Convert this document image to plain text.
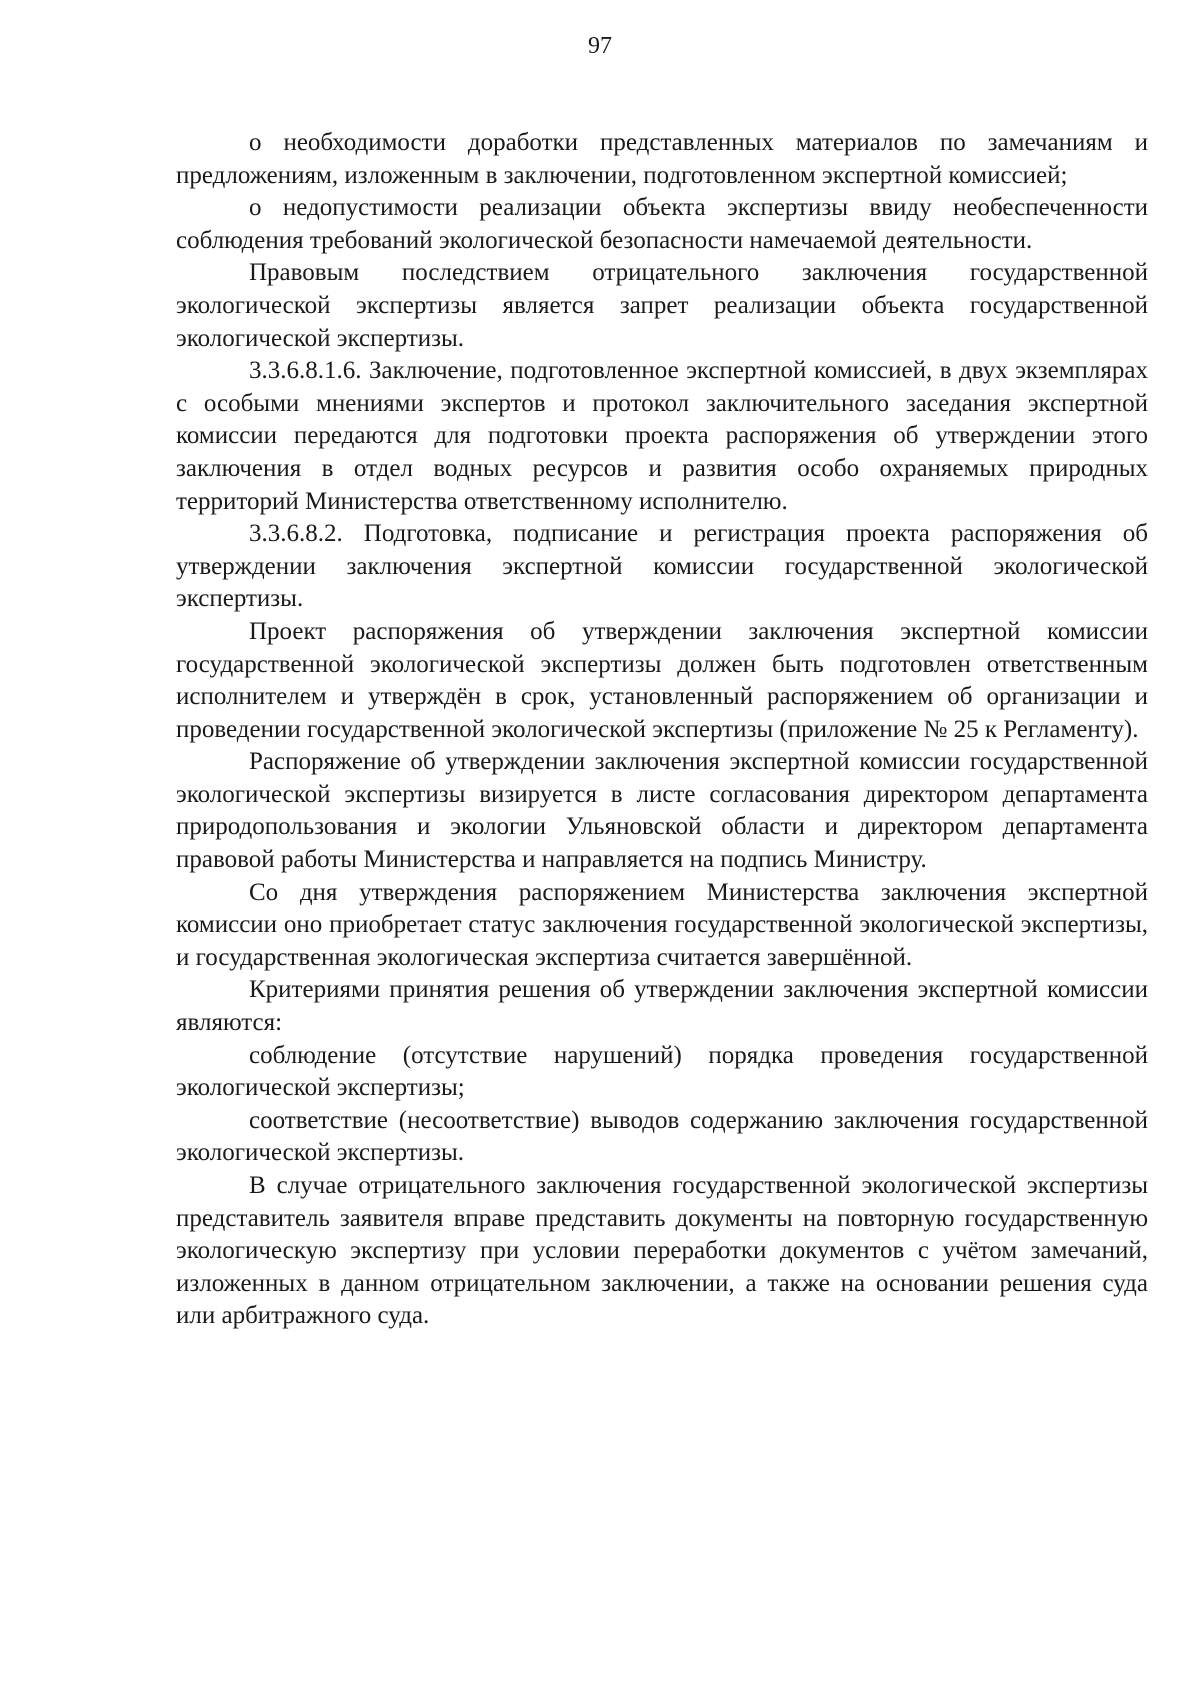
97

о необходимости доработки представленных материалов по замечаниям и предложениям, изложенным в заключении, подготовленном экспертной комиссией;

о недопустимости реализации объекта экспертизы ввиду необеспеченности соблюдения требований экологической безопасности намечаемой деятельности.

Правовым последствием отрицательного заключения государственной экологической экспертизы является запрет реализации объекта государственной экологической экспертизы.

3.3.6.8.1.6. Заключение, подготовленное экспертной комиссией, в двух экземплярах с особыми мнениями экспертов и протокол заключительного заседания экспертной комиссии передаются для подготовки проекта распоряжения об утверждении этого заключения в отдел водных ресурсов и развития особо охраняемых природных территорий Министерства ответственному исполнителю.

3.3.6.8.2. Подготовка, подписание и регистрация проекта распоряжения об утверждении заключения экспертной комиссии государственной экологической экспертизы.

Проект распоряжения об утверждении заключения экспертной комиссии государственной экологической экспертизы должен быть подготовлен ответственным исполнителем и утверждён в срок, установленный распоряжением об организации и проведении государственной экологической экспертизы (приложение № 25 к Регламенту).

Распоряжение об утверждении заключения экспертной комиссии государственной экологической экспертизы визируется в листе согласования директором департамента природопользования и экологии Ульяновской области и директором департамента правовой работы Министерства и направляется на подпись Министру.

Со дня утверждения распоряжением Министерства заключения экспертной комиссии оно приобретает статус заключения государственной экологической экспертизы, и государственная экологическая экспертиза считается завершённой.

Критериями принятия решения об утверждении заключения экспертной комиссии являются:

соблюдение (отсутствие нарушений) порядка проведения государственной экологической экспертизы;

соответствие (несоответствие) выводов содержанию заключения государственной экологической экспертизы.

В случае отрицательного заключения государственной экологической экспертизы представитель заявителя вправе представить документы на повторную государственную экологическую экспертизу при условии переработки документов с учётом замечаний, изложенных в данном отрицательном заключении, а также на основании решения суда или арбитражного суда.
